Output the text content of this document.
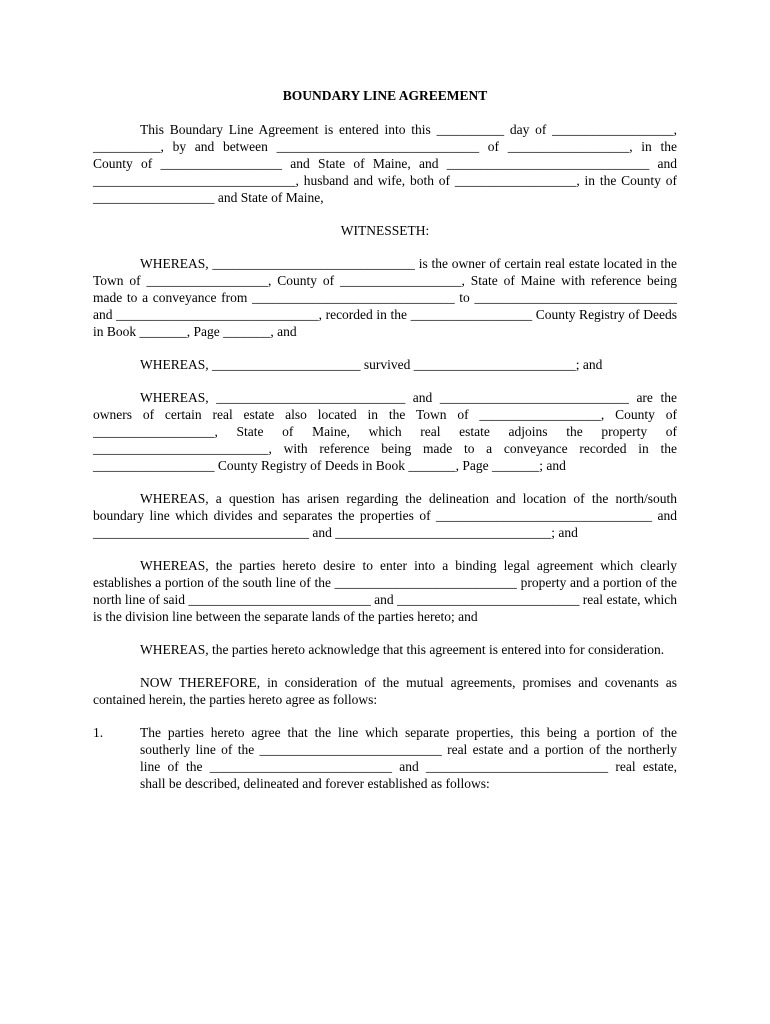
BOUNDARY LINE AGREEMENT

This Boundary Line Agreement is entered into this __________ day of __________________, __________, by and between ______________________________ of __________________, in the County of __________________ and State of Maine, and ______________________________ and ______________________________, husband and wife, both of __________________, in the County of __________________ and State of Maine,

WITNESSETH:

WHEREAS, ______________________________ is the owner of certain real estate located in the Town of __________________, County of __________________, State of Maine with reference being made to a conveyance from ______________________________ to ______________________________ and ______________________________, recorded in the __________________ County Registry of Deeds in Book _______, Page _______, and

WHEREAS, ______________________ survived ________________________; and

WHEREAS, ____________________________ and ____________________________ are the owners of certain real estate also located in the Town of __________________, County of __________________, State of Maine, which real estate adjoins the property of __________________________, with reference being made to a conveyance recorded in the __________________ County Registry of Deeds in Book _______, Page _______; and

WHEREAS, a question has arisen regarding the delineation and location of the north/south boundary line which divides and separates the properties of ________________________________ and ________________________________ and ________________________________; and

WHEREAS, the parties hereto desire to enter into a binding legal agreement which clearly establishes a portion of the south line of the ___________________________ property and a portion of the north line of said ___________________________ and ___________________________ real estate, which is the division line between the separate lands of the parties hereto; and

WHEREAS, the parties hereto acknowledge that this agreement is entered into for consideration.

NOW THEREFORE, in consideration of the mutual agreements, promises and covenants as contained herein, the parties hereto agree as follows:

1.	The parties hereto agree that the line which separate properties, this being a portion of the southerly line of the ___________________________ real estate and a portion of the northerly line of the ___________________________ and ___________________________ real estate, shall be described, delineated and forever established as follows:
